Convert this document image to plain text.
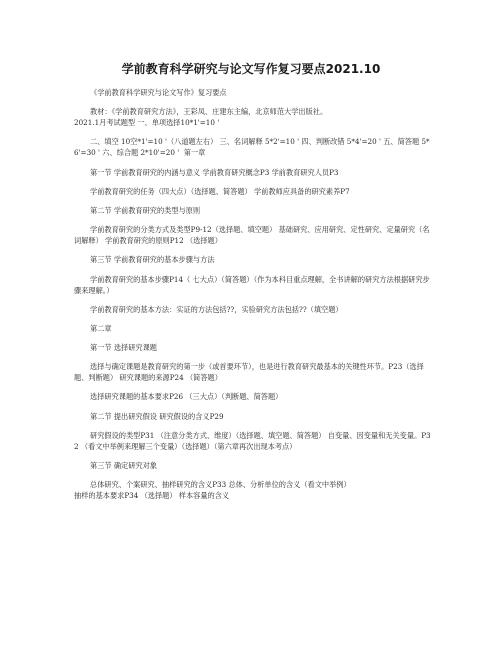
学前教育科学研究与论文写作复习要点2021.10

《学前教育科学研究与论文写作》复习要点

教材：《学前教育研究方法》，王彩凤、庄建东主编，北京师范大学出版社。

2021.1月考试题型 一、单项选择10*1'=10 '

二、填空 10空*1'=10 '（八道题左右） 三、名词解释 5*2'=10 ' 四、判断改错 5*4'=20 ' 五、简答题 5*6'=30 ' 六、综合题 2*10'=20 '  第一章

第一节 学前教育研究的内涵与意义 学前教育研究概念P3 学前教育研究人员P3

学前教育研究的任务（四大点）（选择题、简答题） 学前教师应具备的研究素养P7

第二节 学前教育研究的类型与原则

学前教育研究的分类方式及类型P9-12（选择题、填空题） 基础研究、应用研究、定性研究、定量研究（名词解释） 学前教育研究的原则P12 （选择题）

第三节 学前教育研究的基本步骤与方法

学前教育研究的基本步骤P14（ 七大点）（简答题）（作为本科目重点理解，全书讲解的研究方法根据研究步骤来理解。）

学前教育研究的基本方法：实证的方法包括??，实验研究方法包括??（填空题）

第二章

第一节 选择研究课题

选择与确定课题是教育研究的第一步（或首要环节），也是进行教育研究最基本的关键性环节。P23（选择题、判断题） 研究课题的来源P24 （简答题）

选择研究课题的基本要求P26 （三大点）（判断题、简答题）

第二节 提出研究假设 研究假设的含义P29

研究假设的类型P31 （注意分类方式、维度）（选择题、填空题、简答题） 自变量、因变量和无关变量。P32 （看文中举例来理解三个变量）（选择题）（第六章再次出现本考点）

第三节 确定研究对象

总体研究、个案研究、抽样研究的含义P33 总体、分析单位的含义（看文中举例）

抽样的基本要求P34 （选择题） 样本容量的含义
